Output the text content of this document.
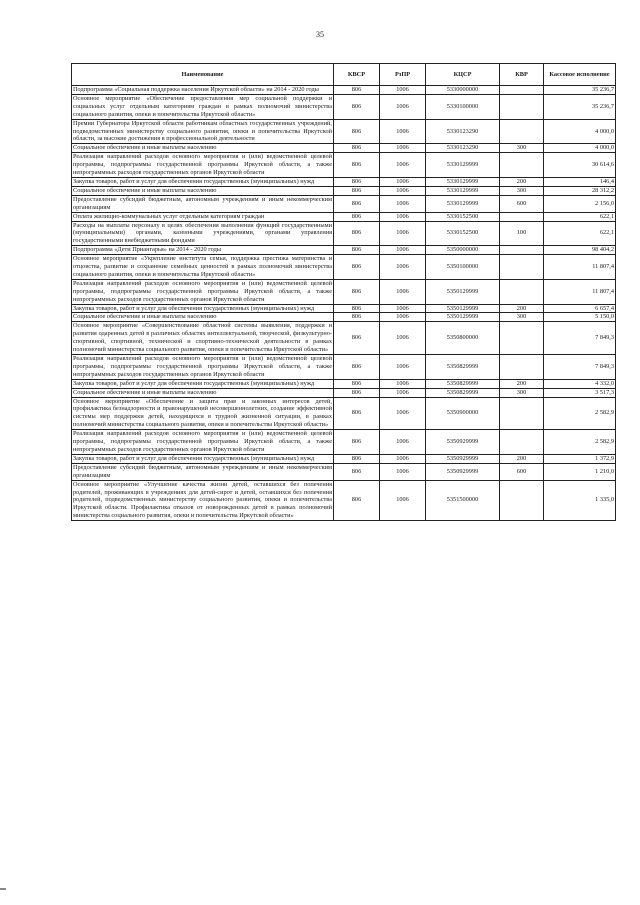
35
Наименование	КВСР	РзПР	КЦСР	КВР	Кассовое исполнение
Подпрограмма «Социальная поддержка населения Иркутской области» на 2014 - 2020 годы	806	1006	5330000000		35 236,7
Основное мероприятие «Обеспечение предоставления мер социальной поддержки и социальных услуг отдельным категориям граждан в рамках полномочий министерства социального развития, опеки и попечительства Иркутской области»	806	1006	5330100000		35 236,7
Премии Губернатора Иркутской области работникам областных государственных учреждений, подведомственных министерству социального развития, опеки и попечительства Иркутской области, за высокие достижения в профессиональной деятельности	806	1006	5330123290		4 000,0
Социальное обеспечение и иные выплаты населению	806	1006	5330123290	300	4 000,0
Реализация направлений расходов основного мероприятия и (или) ведомственной целевой программы, подпрограммы государственной программы Иркутской области, а также непрограммных расходов государственных органов Иркутской области	806	1006	5330129999		30 614,6
Закупка товаров, работ и услуг для обеспечения государственных (муниципальных) нужд	806	1006	5330129999	200	146,4
Социальное обеспечение и иные выплаты населению	806	1006	5330129999	300	28 312,2
Предоставление субсидий бюджетным, автономным учреждениям и иным некоммерческим организациям	806	1006	5330129999	600	2 156,0
Оплата жилищно-коммунальных услуг отдельным категориям граждан	806	1006	5330152500		622,1
Расходы на выплаты персоналу в целях обеспечения выполнения функций государственными (муниципальными) органами, казенными учреждениями, органами управления государственными внебюджетными фондами	806	1006	5330152500	100	622,1
Подпрограмма «Дети Приангарья» на 2014 - 2020 годы	806	1006	5350000000		98 404,2
Основное мероприятие «Укрепление института семьи, поддержка престижа материнства и отцовства, развитие и сохранение семейных ценностей в рамках полномочий министерства социального развития, опеки и попечительства Иркутской области»	806	1006	5350100000		11 807,4
Реализация направлений расходов основного мероприятия и (или) ведомственной целевой программы, подпрограммы государственной программы Иркутской области, а также непрограммных расходов государственных органов Иркутской области	806	1006	5350129999		11 807,4
Закупка товаров, работ и услуг для обеспечения государственных (муниципальных) нужд	806	1006	5350129999	200	6 657,4
Социальное обеспечение и иные выплаты населению	806	1006	5350129999	300	5 150,0
Основное мероприятие «Совершенствование областной системы выявления, поддержки и развития одаренных детей в различных областях интеллектуальной, творческой, физкультурно-спортивной, спортивной, технической и спортивно-технической деятельности в рамках полномочий министерства социального развития, опеки и попечительства Иркутской области»	806	1006	5350800000		7 849,3
Реализация направлений расходов основного мероприятия и (или) ведомственной целевой программы, подпрограммы государственной программы Иркутской области, а также непрограммных расходов государственных органов Иркутской области	806	1006	5350829999		7 849,3
Закупка товаров, работ и услуг для обеспечения государственных (муниципальных) нужд	806	1006	5350829999	200	4 332,0
Социальное обеспечение и иные выплаты населению	806	1006	5350829999	300	3 517,3
Основное мероприятие «Обеспечение и защита прав и законных интересов детей, профилактика безнадзорности и правонарушений несовершеннолетних, создание эффективной системы мер поддержки детей, находящихся в трудной жизненной ситуации, в рамках полномочий министерства социального развития, опеки и попечительства Иркутской области»	806	1006	5350900000		2 582,9
Реализация направлений расходов основного мероприятия и (или) ведомственной целевой программы, подпрограммы государственной программы Иркутской области, а также непрограммных расходов государственных органов Иркутской области	806	1006	5350929999		2 582,9
Закупка товаров, работ и услуг для обеспечения государственных (муниципальных) нужд	806	1006	5350929999	200	1 372,9
Предоставление субсидий бюджетным, автономным учреждениям и иным некоммерческим организациям	806	1006	5350929999	600	1 210,0
Основное мероприятие «Улучшение качества жизни детей, оставшихся без попечения родителей, проживающих в учреждениях для детей-сирот и детей, оставшихся без попечения родителей, подведомственных министерству социального развития, опеки и попечительства Иркутской области. Профилактика отказов от новорожденных детей в рамках полномочий министерства социального развития, опеки и попечительства Иркутской области»	806	1006	5351500000		1 335,0
